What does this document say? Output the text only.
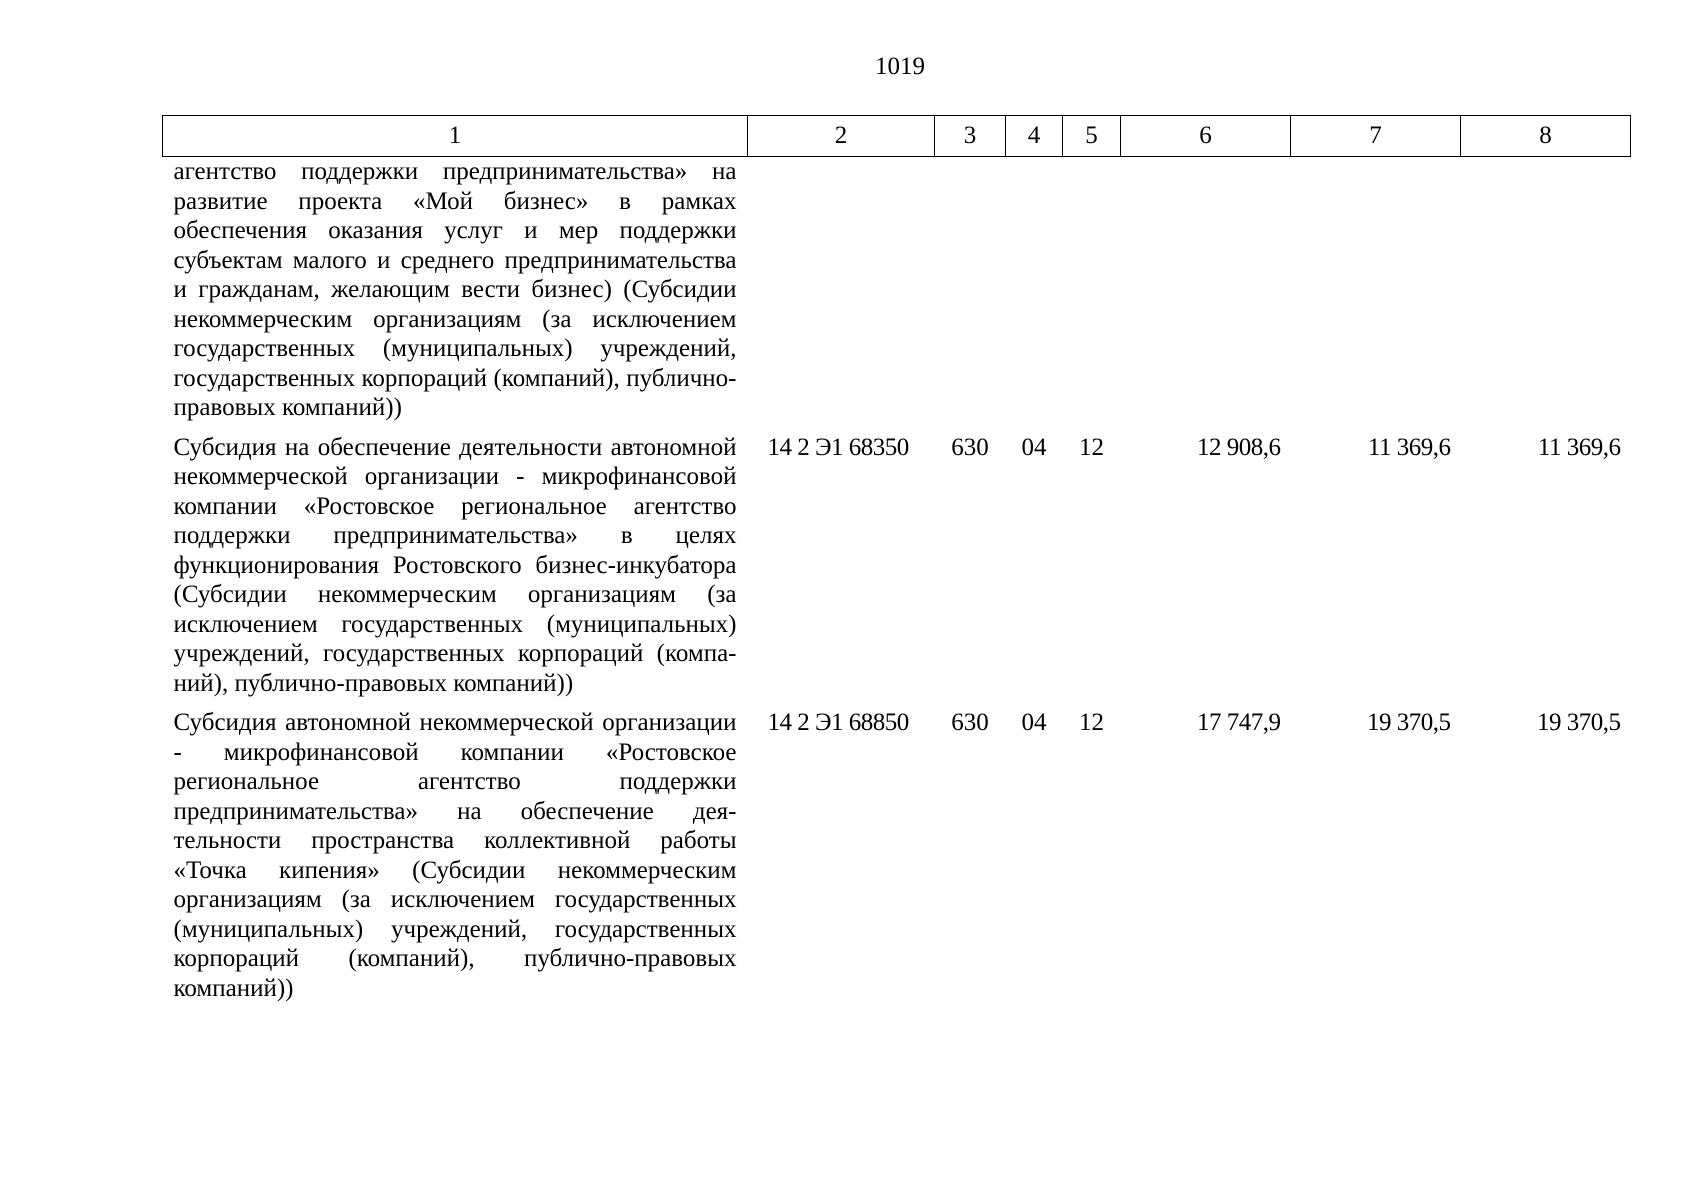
1019
1	2	3	4	5	6	7	8
агентство поддержки предпринимательства» на развитие проекта «Мой бизнес» в рамках обеспечения оказания услуг и мер поддержки субъектам малого и среднего предпринимательства и гражданам, желающим вести бизнес) (Субсидии некоммерческим организациям (за исключением государственных (муниципальных) учреждений, государственных корпораций (компаний), публично-правовых компаний))							
Субсидия на обеспечение деятельности автономной некоммерческой организации - микрофинансовой компании «Ростовское региональное агентство поддержки предпринимательства» в целях функционирования Ростовского бизнес-инкубатора (Субсидии некоммерческим организациям (за исключением государственных (муниципальных) учреждений, государственных корпораций (компаний), публично-правовых компаний))	14 2 Э1 68350	630	04	12	12 908,6	11 369,6	11 369,6
Субсидия автономной некоммерческой организации - микрофинансовой компании «Ростовское региональное агентство поддержки предпринимательства» на обеспечение деятельности пространства коллективной работы «Точка кипения» (Субсидии некоммерческим организациям (за исключением государственных (муниципальных) учреждений, государственных корпораций (компаний), публично-правовых компаний))	14 2 Э1 68850	630	04	12	17 747,9	19 370,5	19 370,5
